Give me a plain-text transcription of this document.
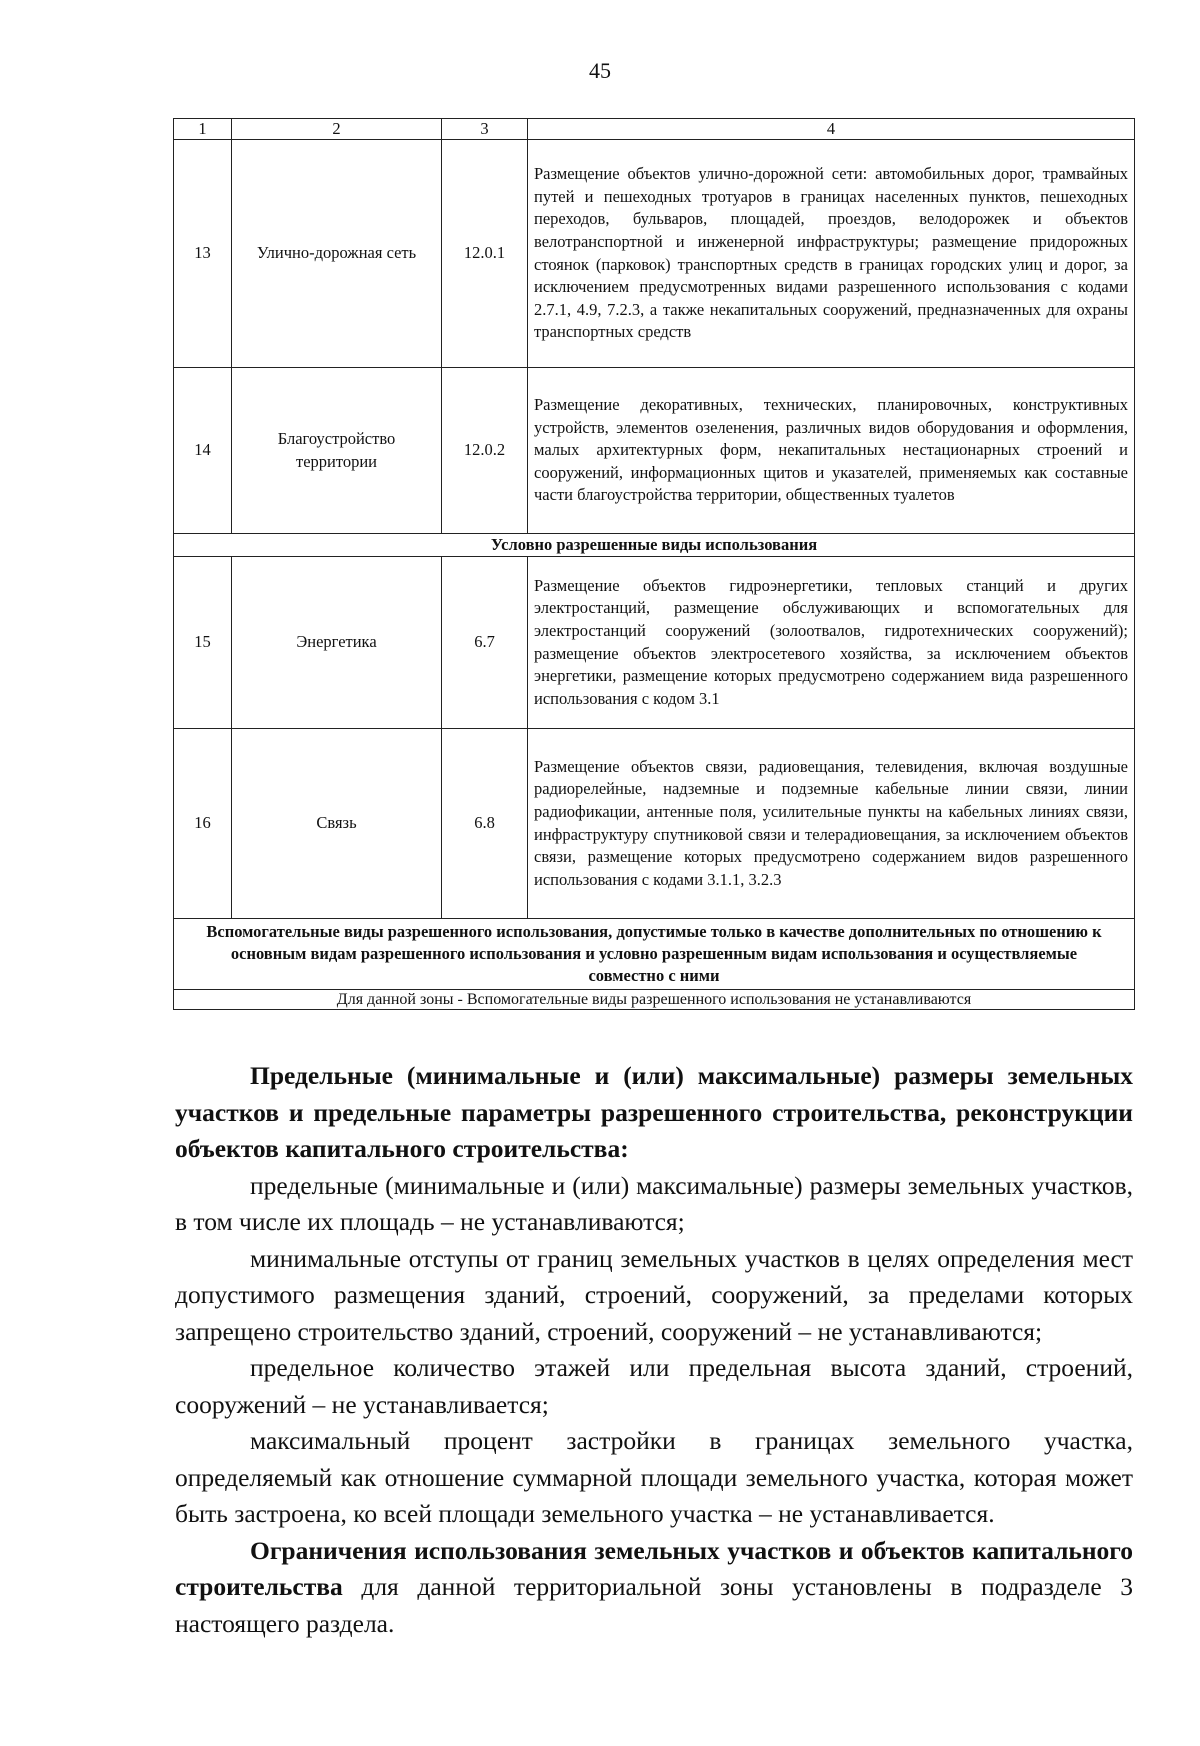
45
1	2	3	4
13	Улично-дорожная сеть	12.0.1	Размещение объектов улично-дорожной сети: автомобильных дорог, трамвайных путей и пешеходных тротуаров в границах населенных пунктов, пешеходных переходов, бульваров, площадей, проездов, велодорожек и объектов велотранспортной и инженерной инфраструктуры; размещение придорожных стоянок (парковок) транспортных средств в границах городских улиц и дорог, за исключением предусмотренных видами разрешенного использования с кодами 2.7.1, 4.9, 7.2.3, а также некапитальных сооружений, предназначенных для охраны транспортных средств
14	Благоустройство территории	12.0.2	Размещение декоративных, технических, планировочных, конструктивных устройств, элементов озеленения, различных видов оборудования и оформления, малых архитектурных форм, некапитальных нестационарных строений и сооружений, информационных щитов и указателей, применяемых как составные части благоустройства территории, общественных туалетов
Условно разрешенные виды использования			
15	Энергетика	6.7	Размещение объектов гидроэнергетики, тепловых станций и других электростанций, размещение обслуживающих и вспомогательных для электростанций сооружений (золоотвалов, гидротехнических сооружений); размещение объектов электросетевого хозяйства, за исключением объектов энергетики, размещение которых предусмотрено содержанием вида разрешенного использования с кодом 3.1
16	Связь	6.8	Размещение объектов связи, радиовещания, телевидения, включая воздушные радиорелейные, надземные и подземные кабельные линии связи, линии радиофикации, антенные поля, усилительные пункты на кабельных линиях связи, инфраструктуру спутниковой связи и телерадиовещания, за исключением объектов связи, размещение которых предусмотрено содержанием видов разрешенного использования с кодами 3.1.1, 3.2.3
Вспомогательные виды разрешенного использования, допустимые только в качестве дополнительных по отношению к основным видам разрешенного использования и условно разрешенным видам использования и осуществляемые совместно с ними			
Для данной зоны - Вспомогательные виды разрешенного использования не устанавливаются			

Предельные (минимальные и (или) максимальные) размеры земельных участков и предельные параметры разрешенного строительства, реконструкции объектов капитального строительства:

предельные (минимальные и (или) максимальные) размеры земельных участков, в том числе их площадь – не устанавливаются;

минимальные отступы от границ земельных участков в целях определения мест допустимого размещения зданий, строений, сооружений, за пределами которых запрещено строительство зданий, строений, сооружений – не устанавливаются;

предельное количество этажей или предельная высота зданий, строений, сооружений – не устанавливается;

максимальный процент застройки в границах земельного участка, определяемый как отношение суммарной площади земельного участка, которая может быть застроена, ко всей площади земельного участка – не устанавливается.

Ограничения использования земельных участков и объектов капитального строительства для данной территориальной зоны установлены в подразделе 3 настоящего раздела.
